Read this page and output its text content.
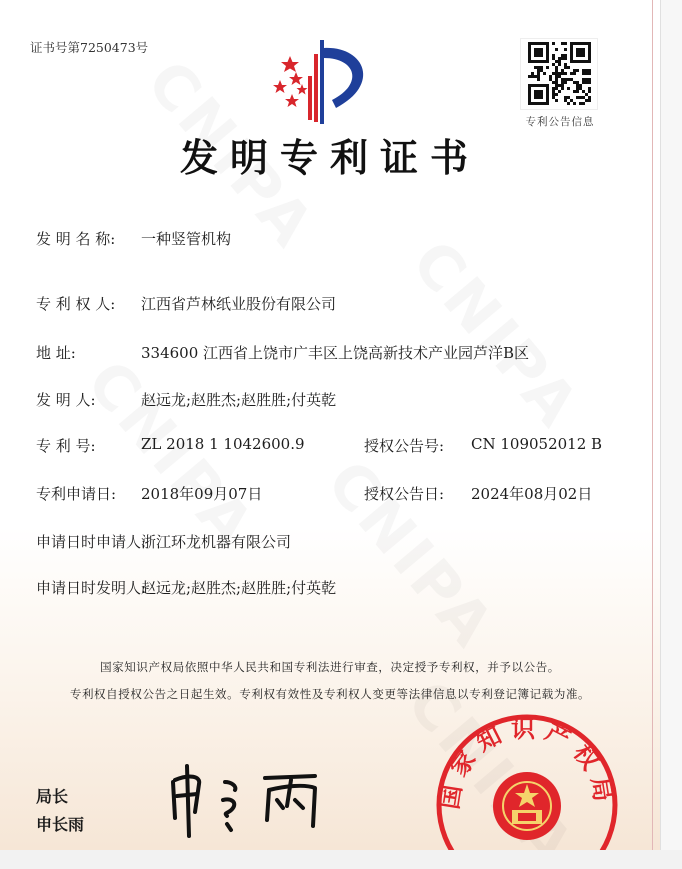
证书号第7250473号
专利公告信息
发明专利证书
发 明 名 称: 一种竖管机构
专 利 权 人: 江西省芦林纸业股份有限公司
地 址:	334600 江西省上饶市广丰区上饶高新技术产业园芦洋B区
发 明 人:	赵远龙;赵胜杰;赵胜胜;付英乾
专 利 号:	ZL 2018 1 1042600.9	授权公告号: CN 109052012 B
专利申请日: 2018年09月07日	授权公告日: 2024年08月02日
申请日时申请人:
浙江环龙机器有限公司
申请日时发明人:
赵远龙;赵胜杰;赵胜胜;付英乾
国家知识产权局依照中华人民共和国专利法进行审查，决定授予专利权，并予以公告。
专利权自授权公告之日起生效。专利权有效性及专利权人变更等法律信息以专利登记簿记载为准。
局长
申长雨
国家知识产权局
